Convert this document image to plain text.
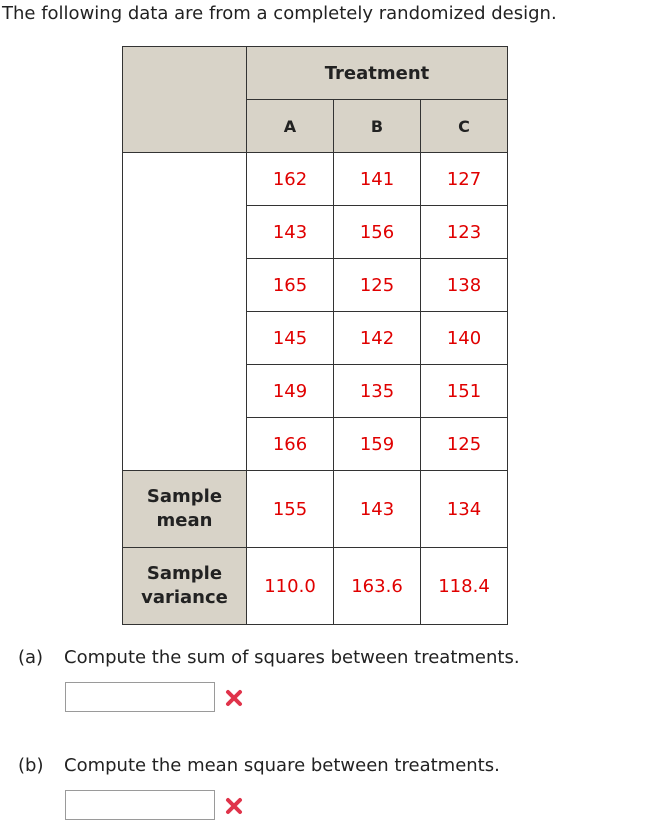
The following data are from a completely randomized design.
	Treatment		
	A	B	C
	162	141	127
	143	156	123
	165	125	138
	145	142	140
	149	135	151
	166	159	125
Sample
mean	155	143	134
Sample
variance	110.0	163.6	118.4
(a) Compute the sum of squares between treatments.
(b) Compute the mean square between treatments.
